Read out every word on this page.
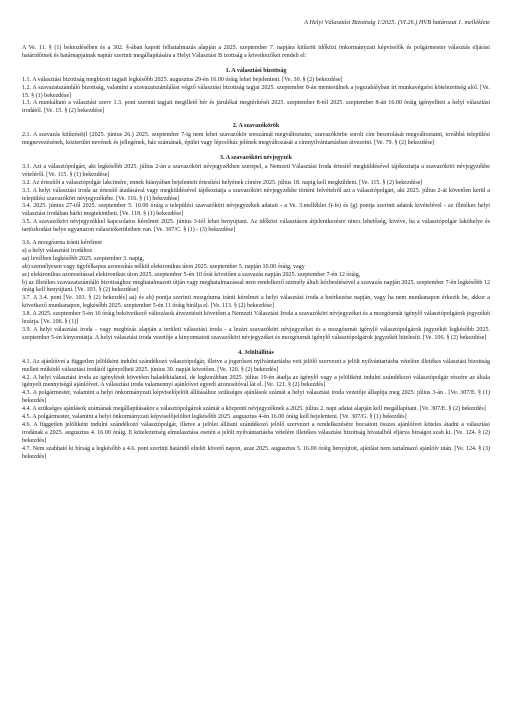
A Helyi Választási Bizottság 1/2025. (VI.26.) HVB határozat 1. melléklete

A Ve. 11. § (1) bekezdésében és a 302. §-ában kapott felhatalmazás alapján a 2025. szeptember 7. napjára kitűzött időközi önkormányzati képviselők és polgármester választás eljárási határidőinek és határnapjainak naptár szerinti megállapítására a Helyi Választási B izottság a következőket rendeli el:

1. A választási bizottság

1.1. A választási bizottság megbízott tagjait legkésőbb 2025. augusztus 29-én 16.00 óráig lehet bejelenteni. [Ve. 30. § (2) bekezdése]

1.2. A szavazatszámláló bizottság, valamint a szavazatszámlálást végző választási bizottság tagjai 2025. szeptember 8-án mentesülnek a jogszabályban írt munkavégzési kötelezettség alól. [Ve. 15. § (1) bekezdése]

1.3. A munkáltató a választási szerv 1.3. pont szerinti tagjait megillető bér és járulékai megtérítését 2025. szeptember 8-tól 2025. szeptember 8-án 16.00 óráig igényelheti a helyi választási irodától. [Ve. 15. § (2) bekezdése]

2. A szavazókörök

2.1. A szavazás kitűzését(l (2025. június 26.) 2025. szeptember 7-ig nem lehet szavazókör sorszámát megváltoztatni, szavazókörbe sorolt cím besorolását megváltoztatni, továbbá települési megnevezésének, közterület nevének és jellegének, ház számának, épület vagy lépcsőház jelének megváltozását a címnyilvántartásban átvezetni. [Ve. 79. § (2) bekezdése]

3. A szavazóköri névjegyzék

3.1. Azt a választópolgárt, aki legkésőbb 2025. július 2-án a szavazóköri névjegyzékben szerepel, a Nemzeti Választási Iroda értesítő megküldésével tájékoztatja a szavazóköri névjegyzékbe vételéről. [Ve. 115. § (1) bekezdése]

3.2. Az értesítőt a választópolgár lakcímére, ennek hiányában bejelentett értesítési helyének címére 2025. július 18. napig kell megküldeni. [Ve. 115. § (2) bekezdése]

3.3. A helyi választási iroda az értesítő átadásával vagy megküldésével tájékoztatja a szavazóköri névjegyzékbe történt felvételről azt a választópolgárt, aki 2025. július 2-át követően kerül a települési szavazóköri névjegyzékébe. [Ve. 116. § (1) bekezdése]

3.4. 2025. június 27-től 2025. szeptember 5. 10.00 óráig a települési szavazóköri névjegyzékek adatait - a Ve. 3.melléklet f)-fe) és (g) pontja szerinti adatok kivételével - az illetékes helyi választási irodában bárki megtekintheti. [Ve. 118. § (1) bekezdése]

3.5. A szavazóköri névjegyzékkel kapcsolatos kérelmet 2025. június 3-tól lehet benyújtani. Az időközi választáson átjelentkezésre nincs lehetőség, kivéve, ha a választópolgár lakóhelye és tartózkodási helye ugyanazon választókerületben van. [Ve. 307/C. § (1) - (3) bekezdése]

3.6. A mozgóurna iránti kérelmet

a) a helyi választási irodához

aa) levélben legkésőbb 2025. szeptember 3. napig,

ab) személyesen vagy ügyfélkapus azonosítás nélkül elektronikus úton 2025. szeptember 5. napján 10.00 óráig, vagy

ac) elektronikus azonosítással elektronikus úton 2025. szeptember 5-én 10 órát követően a szavazás napján 2025. szeptember 7-én 12 óráig,

b) az illetékes szavazatszámláló bizottsághoz meghatalmazott útján vagy meghatalmazással nem rendelkező személy általi kézbesítésével a szavazás napján 2025. szeptember 7-én legkésőbb 12 óráig kell benyújtani. [Ve. 103. § (2) bekezdése]

3.7. A 3.4. pont [Ve. 103. § (2) bekezdés] aa) és ab) pontja szerinti mozgóurna iránti kérelmet a helyi választási iroda a beérkezése napján, vagy ha nem munkanapon érkezik be, akkor a következő munkanapon, legkésőbb 2025. szeptember 5-én 11 óráig bírálja el. [Ve. 113. § (2) bekezdése]

3.8. A 2025. szeptember 5-én 10 óráig bekövetkező változások átvezetését követően a Nemzeti Választási Iroda a szavazóköri névjegyzéket és a mozgóurnát igénylő választópolgárok jegyzékét lezárja. [Ve. 106. § (1)]

3.9. A helyi választási iroda - vagy megbízás alapján a területi választási iroda - a lezárt szavazóköri névjegyzéket és a mozgóurnát igénylő választópolgárok jegyzékét legkésőbb 2025. szeptember 5-én kinyomtatja. A helyi választási iroda vezetője a kinyomtatott szavazóköri névjegyzéket és mozgóurnát igénylő választópolgárok jegyzékét hitelesíti. [Ve. 106. § (2) bekezdése]

4. Jelöltállítás

4.1. Az ajánlóívet a független jelöltként indulni szándékozó választópolgár, illetve a jogerősen nyilvántartásba vett jelölő szervezet a jelölt nyilvántartásba vételére illetékes választási bizottság mellett működő választási irodától igényelheti 2025. június 30. napját követően. [Ve. 120. § (2) bekezdés]

4.2. A helyi választási iroda az igénylését követően haladéktalanul, de legkorábban 2025. július 19-én átadja az igénylő vagy a jelöltként indulni szándékozó választópolgár részére az általa igényelt mennyiségű ajánlóívet. A választási iroda valamennyi ajánlóívet egyedi azonosítóval lát el. [Ve. 121. § (2) bekezdés]

4.3. A polgármester, valamint a helyi önkormányzati képviselőjelölt állításához szükséges ajánlások számát a helyi választási iroda vezetője állapítja meg 2025. július 3-án . [Ve. 307/E. § (1) bekezdés]

4.4. A szükséges ajánlások számának megállapításakor a választópolgárok számát a központi névjegyzéknek a 2025. július 2. napi adatai alapján kell megállapítani. [Ve. 307/E. § (2) bekezdés]

4.5. A polgármester, valamint a helyi önkormányzati képviselőjelöltet legkésőbb 2025. augusztus 4-én 16.00 óráig kell bejelenteni. [Ve. 307/G. § (1) bekezdés]

4.6. A független jelöltként indulni szándékozó választópolgár, illetve a jelölet állítani szándékozó jelölő szervezet a rendelkezésére bocsátott összes ajánlóívet köteles átadni a választási irodának a 2025. augusztus 4. 16.00 óráig. E kötelezettség elmulasztása esetén a jelölt nyilvántartásba vételére illetékes választási bizottság hivatalból eljárva bírságot szab ki. [Ve. 124. § (2) bekezdés]

4.7. Nem szabható ki bírság a legkésőbb a 4.6. pont szerinti határidő eltelét követő napon, azaz 2025. augusztus 5. 16.00 óráig benyújtott, ajánlást nem tartalmazó ajánlóív után. [Ve. 124. § (3) bekezdés]
